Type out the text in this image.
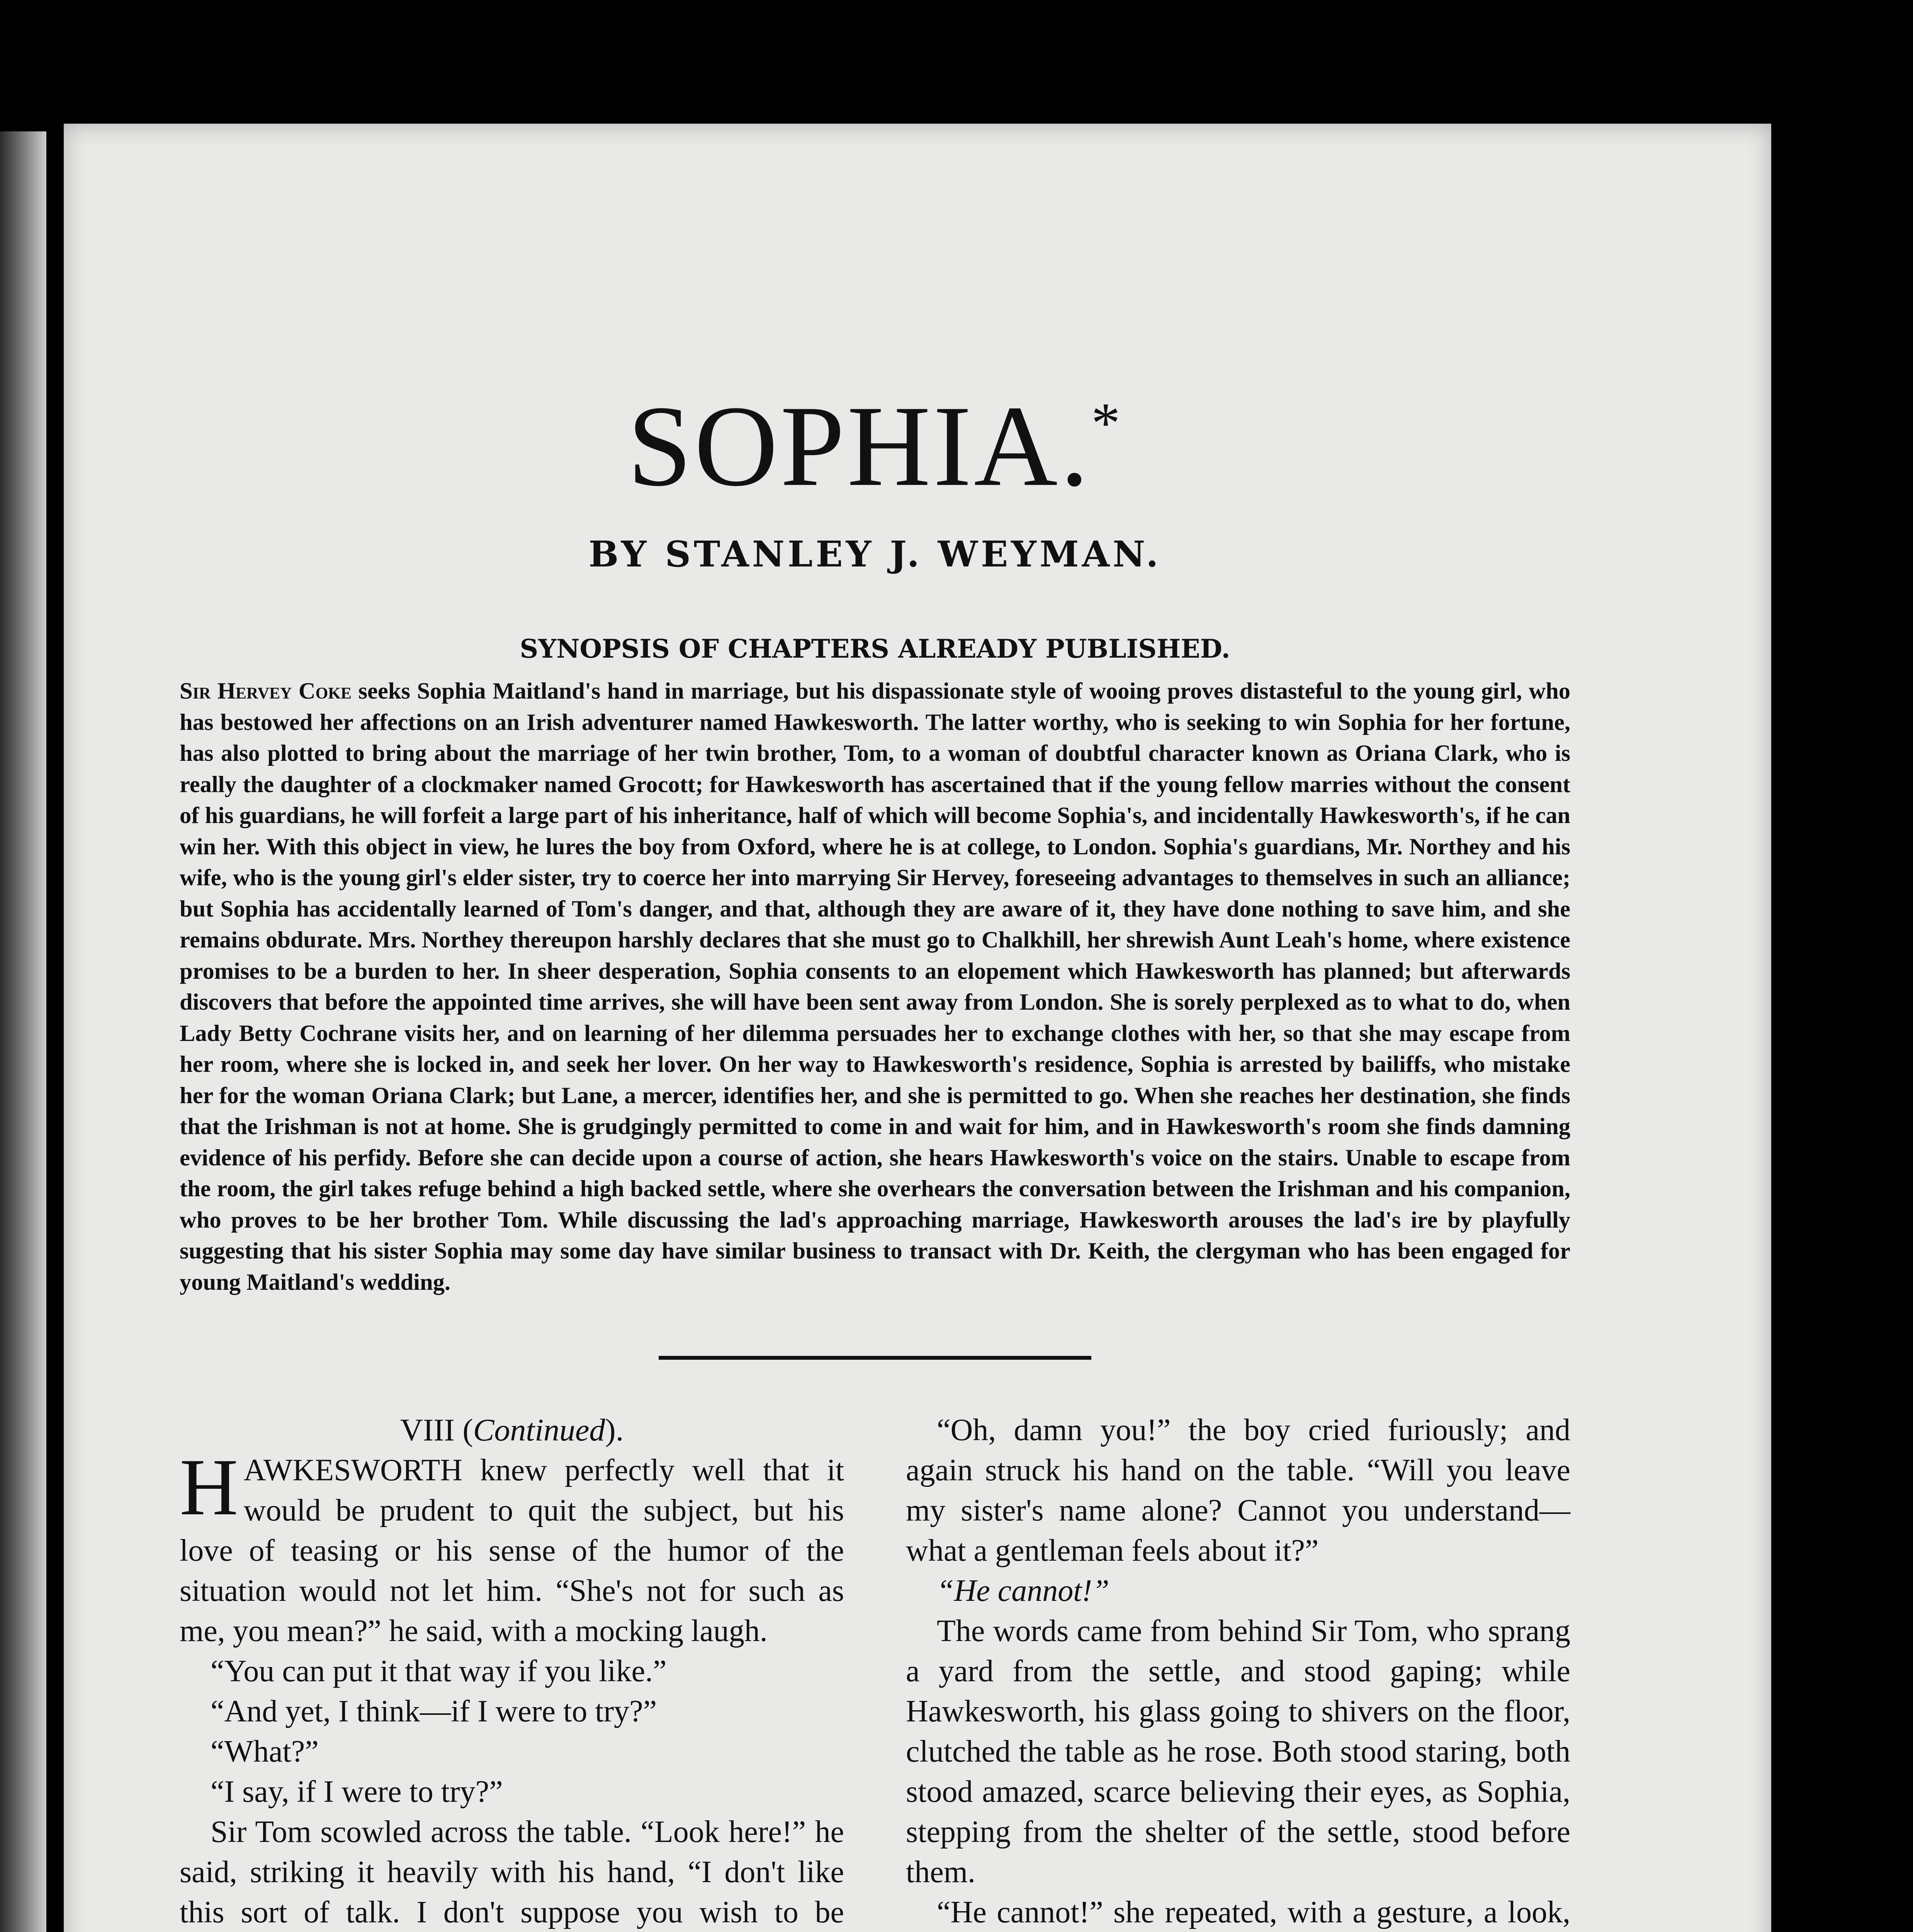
SOPHIA.*
BY STANLEY J. WEYMAN.
SYNOPSIS OF CHAPTERS ALREADY PUBLISHED.
Sir Hervey Coke seeks Sophia Maitland's hand in marriage, but his dispassionate style of wooing proves distasteful to the young girl, who has bestowed her affections on an Irish adventurer named Hawkesworth. The latter worthy, who is seeking to win Sophia for her fortune, has also plotted to bring about the marriage of her twin brother, Tom, to a woman of doubtful character known as Oriana Clark, who is really the daughter of a clockmaker named Grocott; for Hawkesworth has ascertained that if the young fellow marries without the consent of his guardians, he will forfeit a large part of his inheritance, half of which will become Sophia's, and incidentally Hawkesworth's, if he can win her. With this object in view, he lures the boy from Oxford, where he is at college, to London. Sophia's guardians, Mr. Northey and his wife, who is the young girl's elder sister, try to coerce her into marrying Sir Hervey, foreseeing advantages to themselves in such an alliance; but Sophia has accidentally learned of Tom's danger, and that, although they are aware of it, they have done nothing to save him, and she remains obdurate. Mrs. Northey thereupon harshly declares that she must go to Chalkhill, her shrewish Aunt Leah's home, where existence promises to be a burden to her. In sheer desperation, Sophia consents to an elopement which Hawkesworth has planned; but afterwards discovers that before the appointed time arrives, she will have been sent away from London. She is sorely perplexed as to what to do, when Lady Betty Cochrane visits her, and on learning of her dilemma persuades her to exchange clothes with her, so that she may escape from her room, where she is locked in, and seek her lover. On her way to Hawkesworth's residence, Sophia is arrested by bailiffs, who mistake her for the woman Oriana Clark; but Lane, a mercer, identifies her, and she is permitted to go. When she reaches her destination, she finds that the Irishman is not at home. She is grudgingly permitted to come in and wait for him, and in Hawkesworth's room she finds damning evidence of his perfidy. Before she can decide upon a course of action, she hears Hawkesworth's voice on the stairs. Unable to escape from the room, the girl takes refuge behind a high backed settle, where she overhears the conversation between the Irishman and his companion, who proves to be her brother Tom. While discussing the lad's approaching marriage, Hawkesworth arouses the lad's ire by playfully suggesting that his sister Sophia may some day have similar business to transact with Dr. Keith, the clergyman who has been engaged for young Maitland's wedding.

VIII (Continued).

HAWKESWORTH knew perfectly well that it would be prudent to quit the subject, but his love of teasing or his sense of the humor of the situation would not let him. “She's not for such as me, you mean?” he said, with a mocking laugh.

“You can put it that way if you like.”

“And yet, I think—if I were to try?”

“What?”

“I say, if I were to try?”

Sir Tom scowled across the table. “Look here!” he said, striking it heavily with his hand, “I don't like this sort of talk. I don't suppose you wish to be

“Oh, damn you!” the boy cried furiously; and again struck his hand on the table. “Will you leave my sister's name alone? Cannot you understand—what a gentleman feels about it?”

“He cannot!”

The words came from behind Sir Tom, who sprang a yard from the settle, and stood gaping; while Hawkesworth, his glass going to shivers on the floor, clutched the table as he rose. Both stood staring, both stood amazed, scarce believing their eyes, as Sophia, stepping from the shelter of the settle, stood before them.

“He cannot!” she repeated, with a gesture, a look,
